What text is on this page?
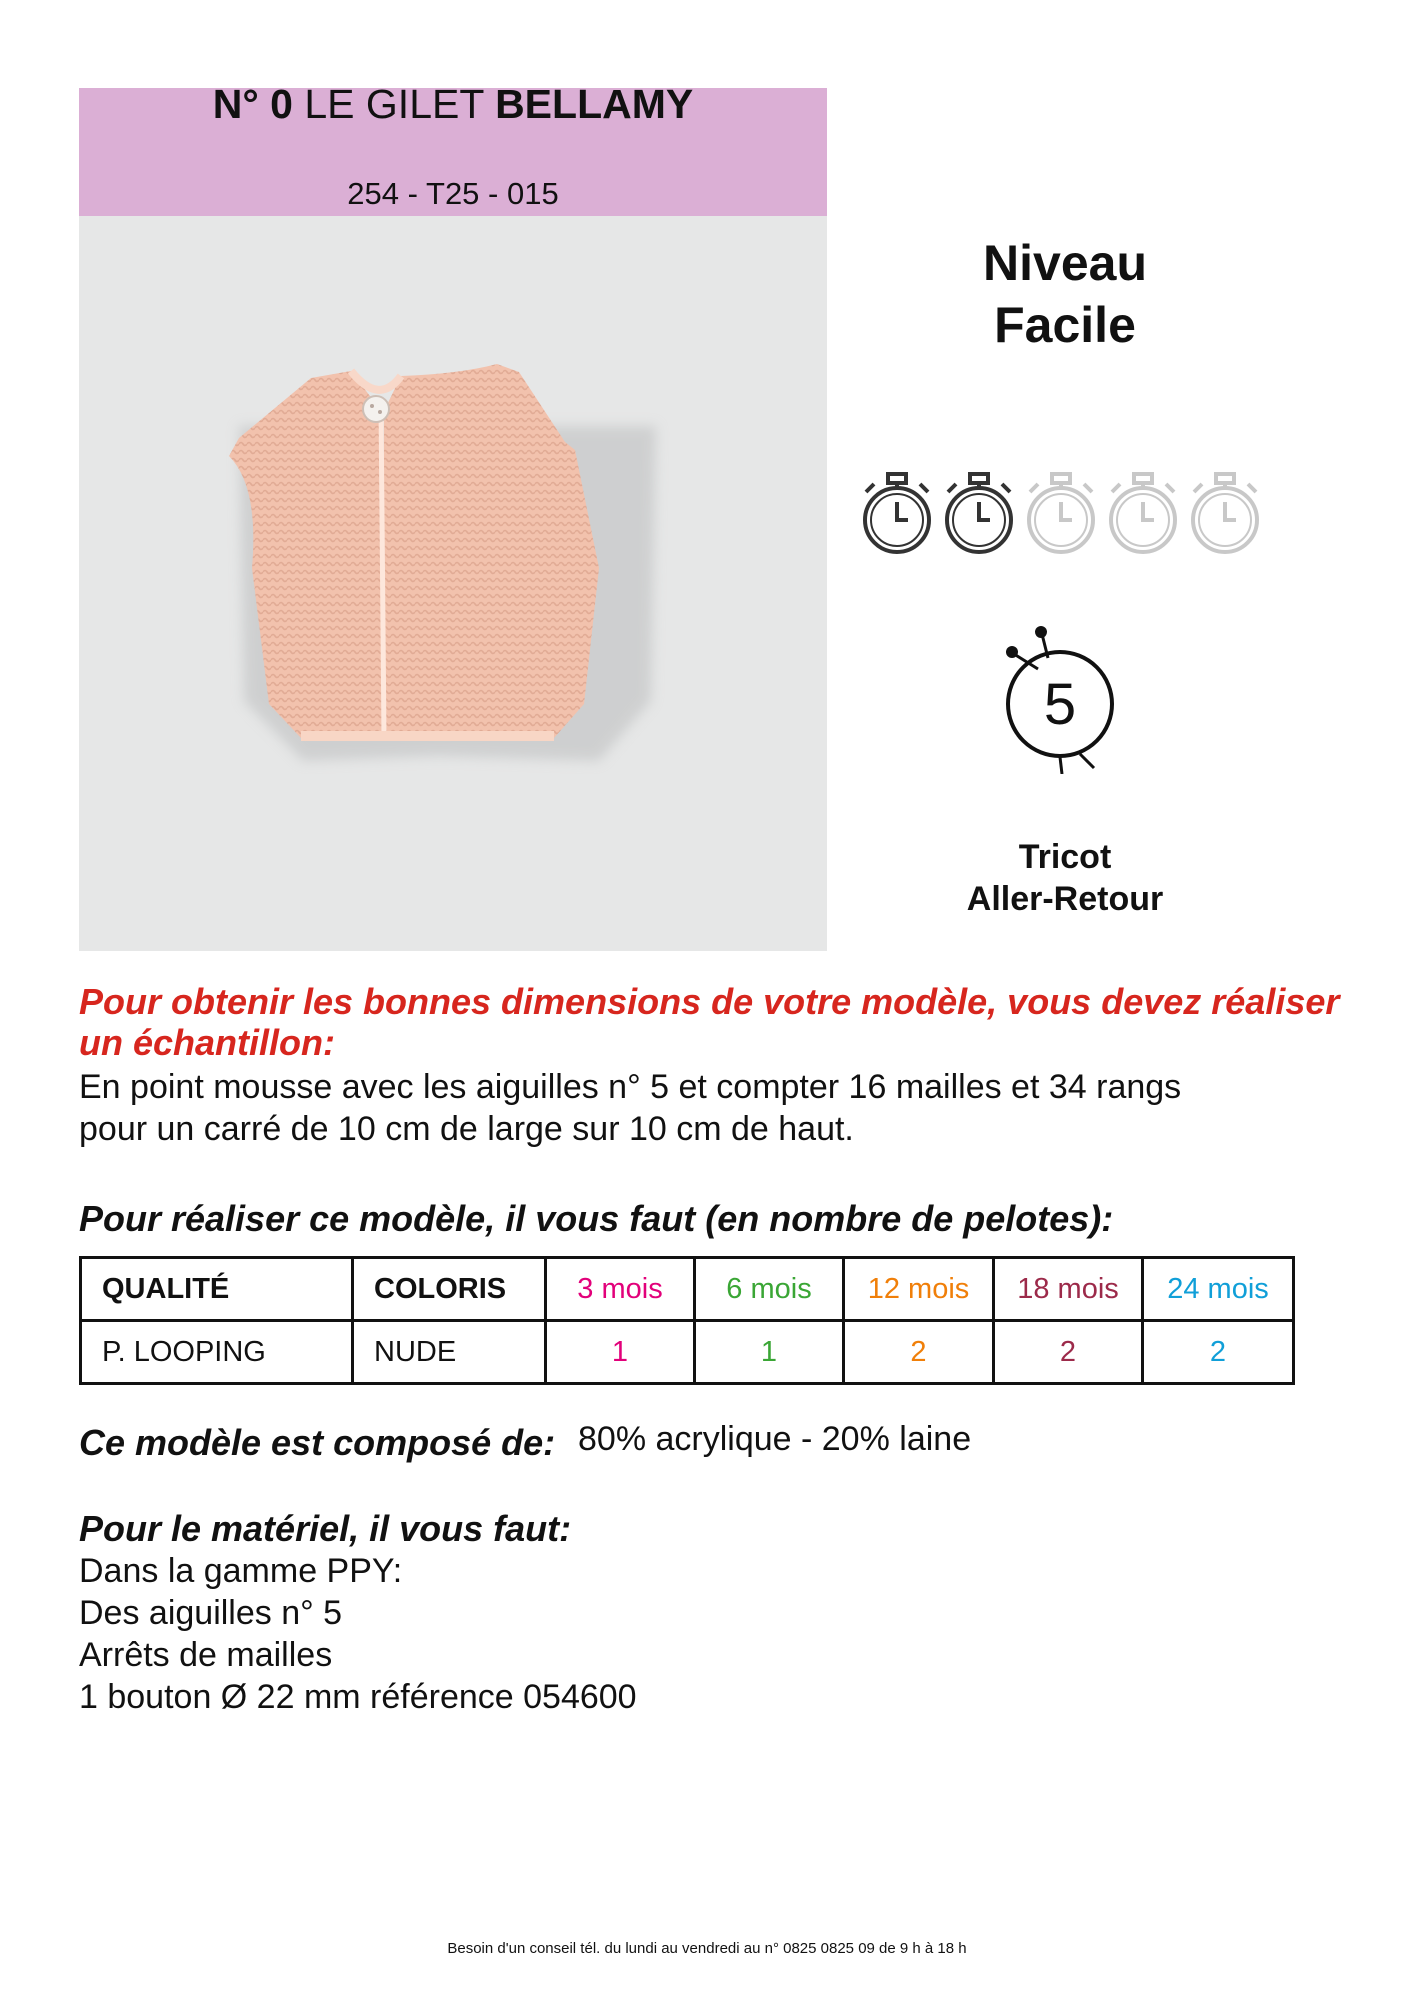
N° 0 LE GILET BELLAMY
254 - T25 - 015
Niveau
Facile
5
Tricot
Aller-Retour
Pour obtenir les bonnes dimensions de votre modèle, vous devez réaliser un échantillon:
En point mousse avec les aiguilles n° 5 et compter 16 mailles et 34 rangs
pour un carré de 10 cm de large sur 10 cm de haut.
Pour réaliser ce modèle, il vous faut (en nombre de pelotes):
QUALITÉ	COLORIS	3 mois	6 mois	12 mois	18 mois	24 mois
P. LOOPING	NUDE	1	1	2	2	2
Ce modèle est composé de: 80% acrylique - 20% laine
Pour le matériel, il vous faut:
Dans la gamme PPY:
Des aiguilles n° 5
Arrêts de mailles
1 bouton Ø 22 mm référence 054600
Besoin d'un conseil tél. du lundi au vendredi au n° 0825 0825 09 de 9 h à 18 h
